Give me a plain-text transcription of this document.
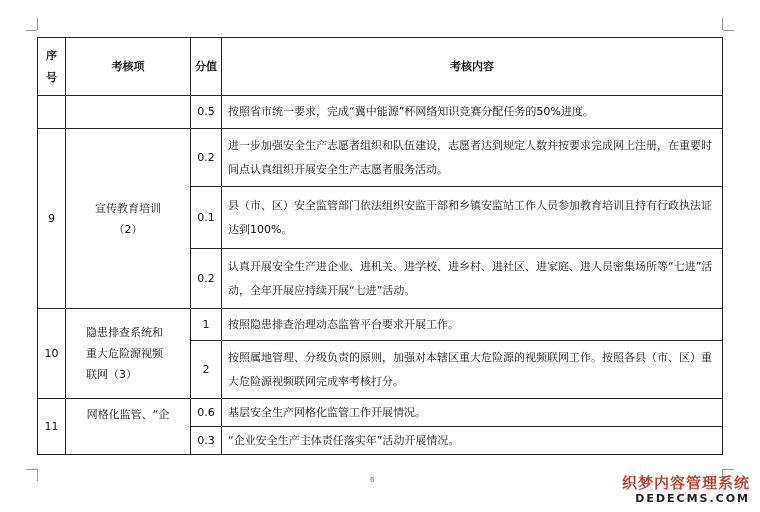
序号	考核项	分值	考核内容
		0.5	按照省市统一要求，完成“冀中能源”杯网络知识竞赛分配任务的50%进度。

9	宣传教育培训（2）	0.2	进一步加强安全生产志愿者组织和队伍建设，志愿者达到规定人数并按要求完成网上注册，在重要时间点认真组织开展安全生产志愿者服务活动。

		0.1	县（市、区）安全监管部门依法组织安监干部和乡镇安监站工作人员参加教育培训且持有行政执法证达到100%。

		0.2	认真开展安全生产进企业、进机关、进学校、进乡村、进社区、进家庭、进人员密集场所等“七进”活动，全年开展应持续开展“七进”活动。

10	隐患排查系统和重大危险源视频联网（3）	1	按照隐患排查治理动态监管平台要求开展工作。

		2	按照属地管理、分级负责的原则，加强对本辖区重大危险源的视频联网工作。按照各县（市、区）重大危险源视频联网完成率考核打分。

11	网格化监管、“企	0.6	基层安全生产网格化监管工作开展情况。

		0.3	“企业安全生产主体责任落实年”活动开展情况。
6	织梦内容管理系统
DEDECMS.COM
